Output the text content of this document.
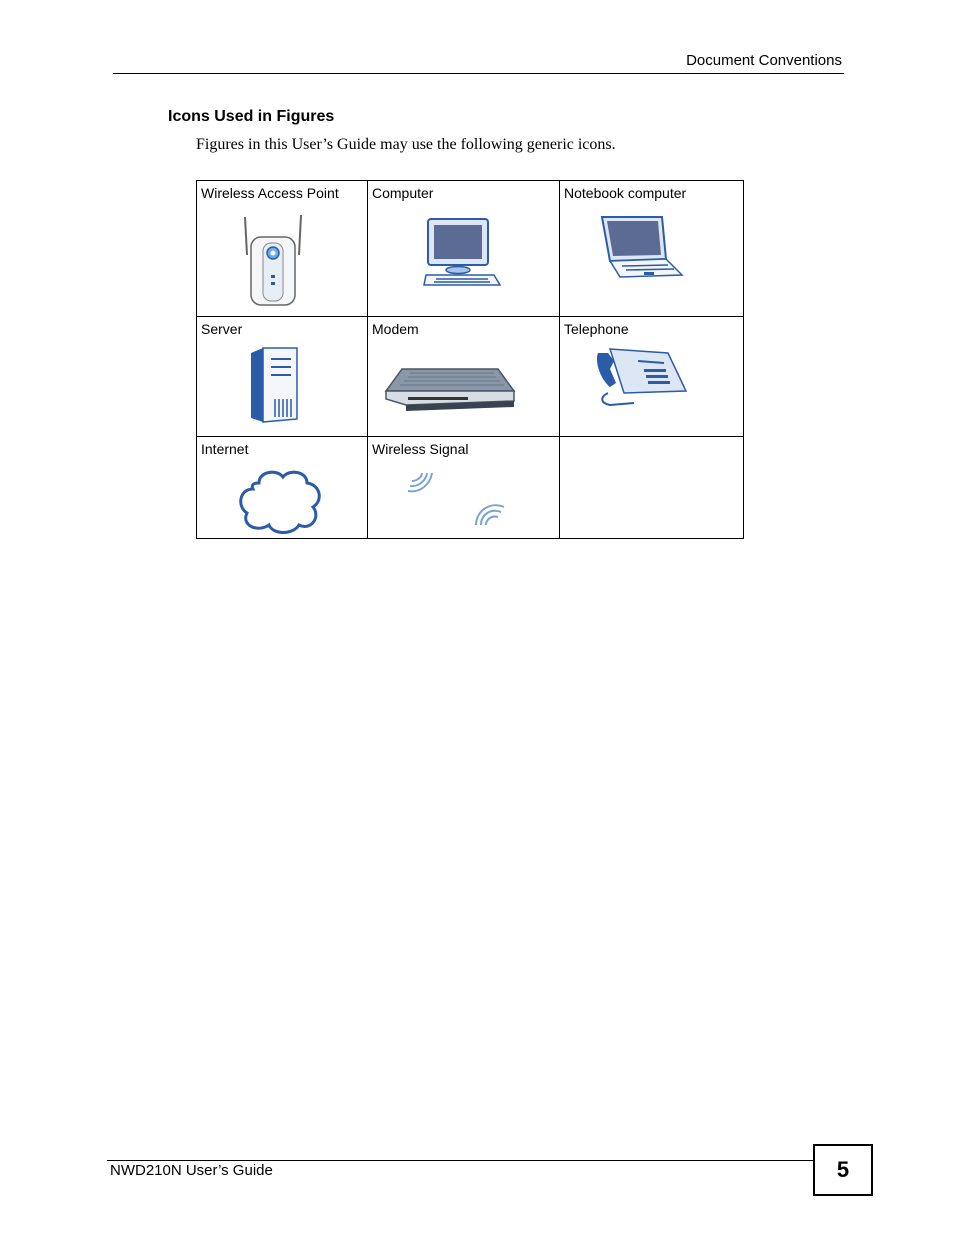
Document Conventions
Icons Used in Figures
Figures in this User’s Guide may use the following generic icons.
Wireless Access Point	Computer	Notebook computer

Server	Modem	Telephone

Internet	Wireless Signal	

NWD210N User’s Guide	5
